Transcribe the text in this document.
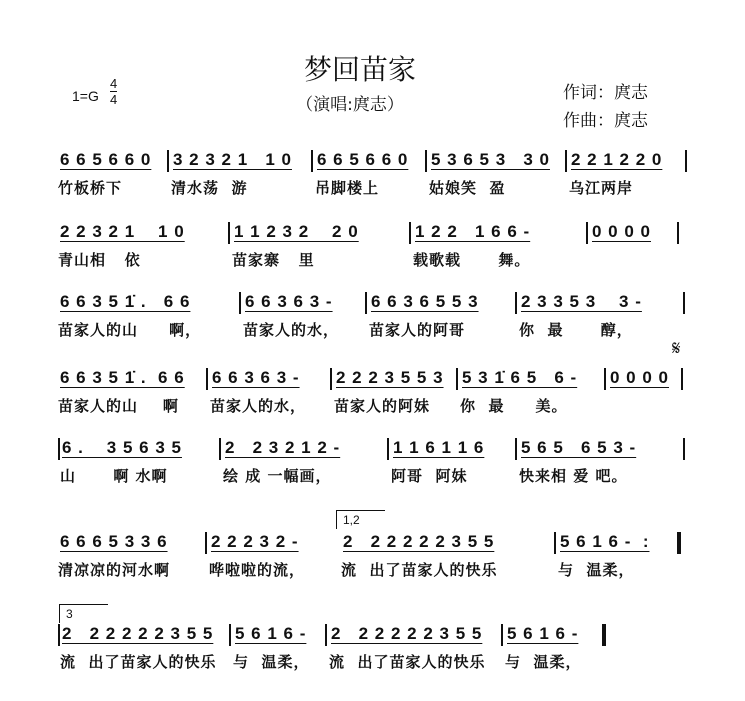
梦回苗家
（演唱:庹志）
$1=G \frac{4}{4}$	作词：庹志
作曲：庹志
𝄋
6 6 5 6 6 0
竹板桥下
3 2 3 2 1   1 0
清水荡  游
6 6 5 6 6 0
吊脚楼上
5 3 6 5 3   3 0
姑娘笑  盈
2 2 1 2 2 0
乌江两岸
2 2 3 2 1    1 0
青山相   依
1 1 2 3 2    2 0
苗家寨   里
1 2 2   1 6 6 -
载歌载      舞。
0 0 0 0
6 6 3 5 1̇ .   6 6
苗家人的山     啊，
6 6 3 6 3 -
苗家人的水，
6 6 3 6 5 5 3
苗家人的阿哥
2 3 3 5 3    3 -
你  最      醇，
6 6 3 5 1̇ .  6 6
苗家人的山    啊
6 6 3 6 3 -
苗家人的水，
2 2 2 3 5 5 3
苗家人的阿妹
5 3 1̇ 6 5   6 -
你  最     美。
0 0 0 0
6 .    3 5 6 3 5
山      啊 水啊
2   2 3 2 1 2 -
绘 成 一幅画，
1 1 6 1 1 6
阿哥  阿妹
5 6 5   6 5 3 -
快来相 爱 吧。
6 6 6 5 3 3 6
清凉凉的河水啊
2 2 2 3 2 -
哗啦啦的流，
2   2 2 2 2 2 3 5 5
流  出了苗家人的快乐
5 6 1 6 -  :
与  温柔，
2   2 2 2 2 2 3 5 5
流  出了苗家人的快乐
5 6 1 6 -
与  温柔，
2   2 2 2 2 2 3 5 5
流  出了苗家人的快乐
5 6 1 6 -
与  温柔，
1,2
3
